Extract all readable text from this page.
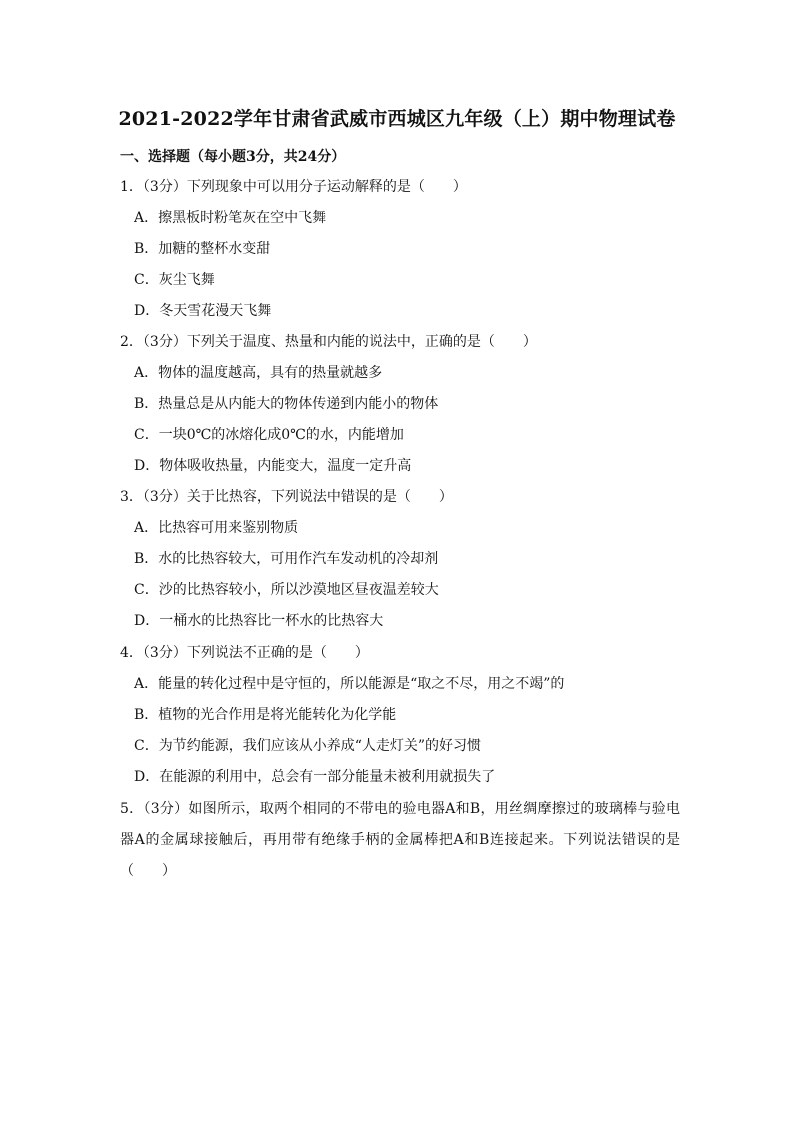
2021-2022学年甘肃省武威市西城区九年级（上）期中物理试卷
一、选择题（每小题3分，共24分）
1．（3分）下列现象中可以用分子运动解释的是（　　）
A．擦黑板时粉笔灰在空中飞舞
B．加糖的整杯水变甜
C．灰尘飞舞
D．冬天雪花漫天飞舞
2．（3分）下列关于温度、热量和内能的说法中，正确的是（　　）
A．物体的温度越高，具有的热量就越多
B．热量总是从内能大的物体传递到内能小的物体
C．一块0℃的冰熔化成0℃的水，内能增加
D．物体吸收热量，内能变大，温度一定升高
3．（3分）关于比热容，下列说法中错误的是（　　）
A．比热容可用来鉴别物质
B．水的比热容较大，可用作汽车发动机的冷却剂
C．沙的比热容较小，所以沙漠地区昼夜温差较大
D．一桶水的比热容比一杯水的比热容大
4．（3分）下列说法不正确的是（　　）
A．能量的转化过程中是守恒的，所以能源是“取之不尽，用之不竭”的
B．植物的光合作用是将光能转化为化学能
C．为节约能源，我们应该从小养成“人走灯关”的好习惯
D．在能源的利用中，总会有一部分能量未被利用就损失了
5．（3分）如图所示，取两个相同的不带电的验电器A和B，用丝绸摩擦过的玻璃棒与验电器A的金属球接触后，再用带有绝缘手柄的金属棒把A和B连接起来。下列说法错误的是（　　）
